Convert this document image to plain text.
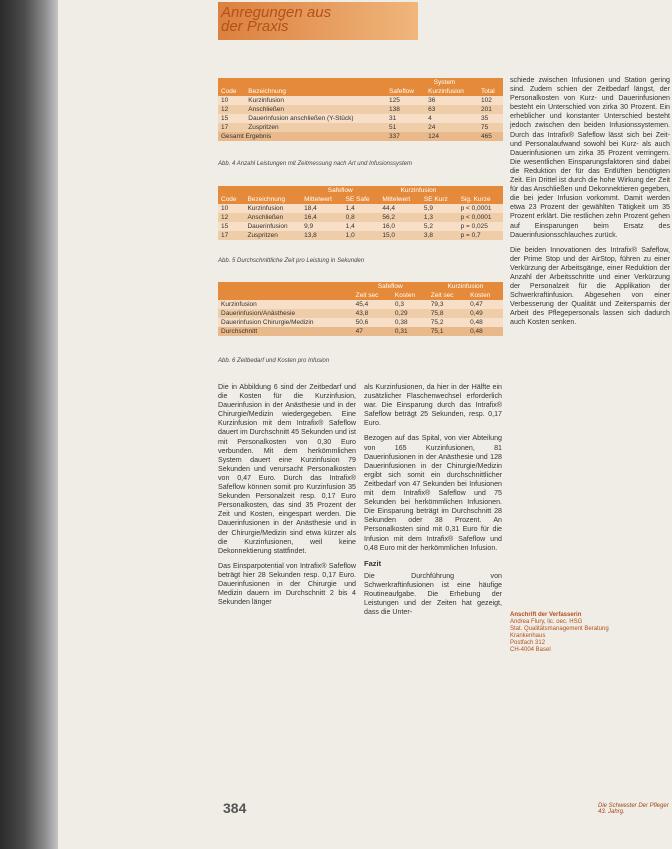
Anregungen aus
der Praxis
		System		
Code	Bezeichnung	Safeflow	Kurzinfusion	Total
10	Kurzinfusion	125	36	102
12	Anschließen	138	63	201
15	Dauerinfusion anschließen (Y-Stück)	31	4	35
17	Zuspritzen	51	24	75
Gesamt Ergebnis		337	124	465
Abb. 4 Anzahl Leistungen mit Zeitmessung nach Art und Infusionssystem
		Safeflow		Kurzinfusion		
Code	Bezeichnung	Mittelwert	SE Safe	Mittelwert	SE Kurz	Sig. Kurze
10	Kurzinfusion	18,4	1,4	44,4	5,9	p < 0,0001
12	Anschließen	16,4	0,8	56,2	1,3	p < 0,0001
15	Dauerinfusion	9,9	1,4	16,0	5,2	p = 0,025
17	Zuspritzen	13,8	1,0	15,0	3,8	p = 0,7
Abb. 5 Durchschnittliche Zeit pro Leistung in Sekunden
	Safeflow		Kurzinfusion	
	Zeit sec	Kosten	Zeit sec	Kosten
Kurzinfusion	45,4	0,3	79,3	0,47
Dauerinfusion/Anästhesie	43,8	0,29	75,8	0,49
Dauerinfusion Chirurgie/Medizin	50,6	0,38	75,2	0,48
Durchschnitt	47	0,31	75,1	0,48
Abb. 6 Zeitbedarf und Kosten pro Infusion

Die in Abbildung 6 sind der Zeitbedarf und die Kosten für die Kurzinfusion, Dauerinfusion in der Anästhesie und in der Chirurgie/Medizin wiedergegeben. Eine Kurzinfusion mit dem Intrafix® Safeflow dauert im Durchschnitt 45 Sekunden und ist mit Personalkosten von 0,30 Euro verbunden. Mit dem herkömmlichen System dauert eine Kurzinfusion 79 Sekunden und verursacht Personalkosten von 0,47 Euro. Durch das Intrafix® Safeflow können somit pro Kurzinfusion 35 Sekunden Personalzeit resp. 0,17 Euro Personalkosten, das sind 35 Prozent der Zeit und Kosten, eingespart werden. Die Dauerinfusionen in der Anästhesie und in der Chirurgie/Medizin sind etwa kürzer als die Kurzinfusionen, weil keine Dekonnektierung stattfindet.

Das Einsparpotential von Intrafix® Safeflow beträgt hier 28 Sekunden resp. 0,17 Euro. Dauerinfusionen in der Chirurgie und Medizin dauern im Durchschnitt 2 bis 4 Sekunden länger

als Kurzinfusionen, da hier in der Hälfte ein zusätzlicher Flaschenwechsel erforderlich war. Die Einsparung durch das Intrafix® Safeflow beträgt 25 Sekunden, resp. 0,17 Euro.

Bezogen auf das Spital, von vier Abteilung von 165 Kurzinfusionen, 81 Dauerinfusionen in der Anästhesie und 128 Dauerinfusionen in der Chirurgie/Medizin ergibt sich somit ein durchschnittlicher Zeitbedarf von 47 Sekunden bei Infusionen mit dem Intrafix® Safeflow und 75 Sekunden bei herkömmlichen Infusionen. Die Einsparung beträgt im Durchschnitt 28 Sekunden oder 38 Prozent. An Personalkosten sind mit 0,31 Euro für die Infusion mit dem Intrafix® Safeflow und 0,48 Euro mit der herkömmlichen Infusion.

Fazit

Die Durchführung von Schwerkraftinfusionen ist eine häufige Routineaufgabe. Die Erhebung der Leistungen und der Zeiten hat gezeigt, dass die Unter-

schiede zwischen Infusionen und Station gering sind. Zudem schien der Zeitbedarf längst, der Personalkosten von Kurz- und Dauerinfusionen besteht ein Unterschied von zirka 30 Prozent. Ein erheblicher und konstanter Unterschied besteht jedoch zwischen den beiden Infusionssystemen. Durch das Intrafix® Safeflow lässt sich bei Zeit- und Personalaufwand sowohl bei Kurz- als auch Dauerinfusionen um zirka 35 Prozent verringern. Die wesentlichen Einsparungsfaktoren sind dabei die Reduktion der für das Entlüften benötigten Zeit. Ein Drittel ist durch die hohe Wirkung der Zeit für das Anschließen und Dekonnektieren gegeben, die bei jeder Infusion vorkommt. Damit werden etwa 23 Prozent der gewählten Tätigkeit um 35 Prozent erklärt. Die restlichen zehn Prozent gehen auf Einsparungen beim Ersatz des Dauerinfusionsschlauches zurück.

Die beiden Innovationen des Intrafix® Safeflow, der Prime Stop und der AirStop, führen zu einer Verkürzung der Arbeitsgänge, einer Reduktion der Anzahl der Arbeitsschritte und einer Verkürzung der Personalzeit für die Applikation der Schwerkraftinfusion. Abgesehen von einer Verbesserung der Qualität und Zeitersparnis der Arbeit des Pflegepersonals lassen sich dadurch auch Kosten senken.

Anschrift der Verfasserin
Andrea Flury, lic. oec. HSG
Stat. Qualitätsmanagement Beratung
Krankenhaus
Postfach 312
CH-4004 Basel
384	Die Schwester Der Pfleger 43. Jahrg.
